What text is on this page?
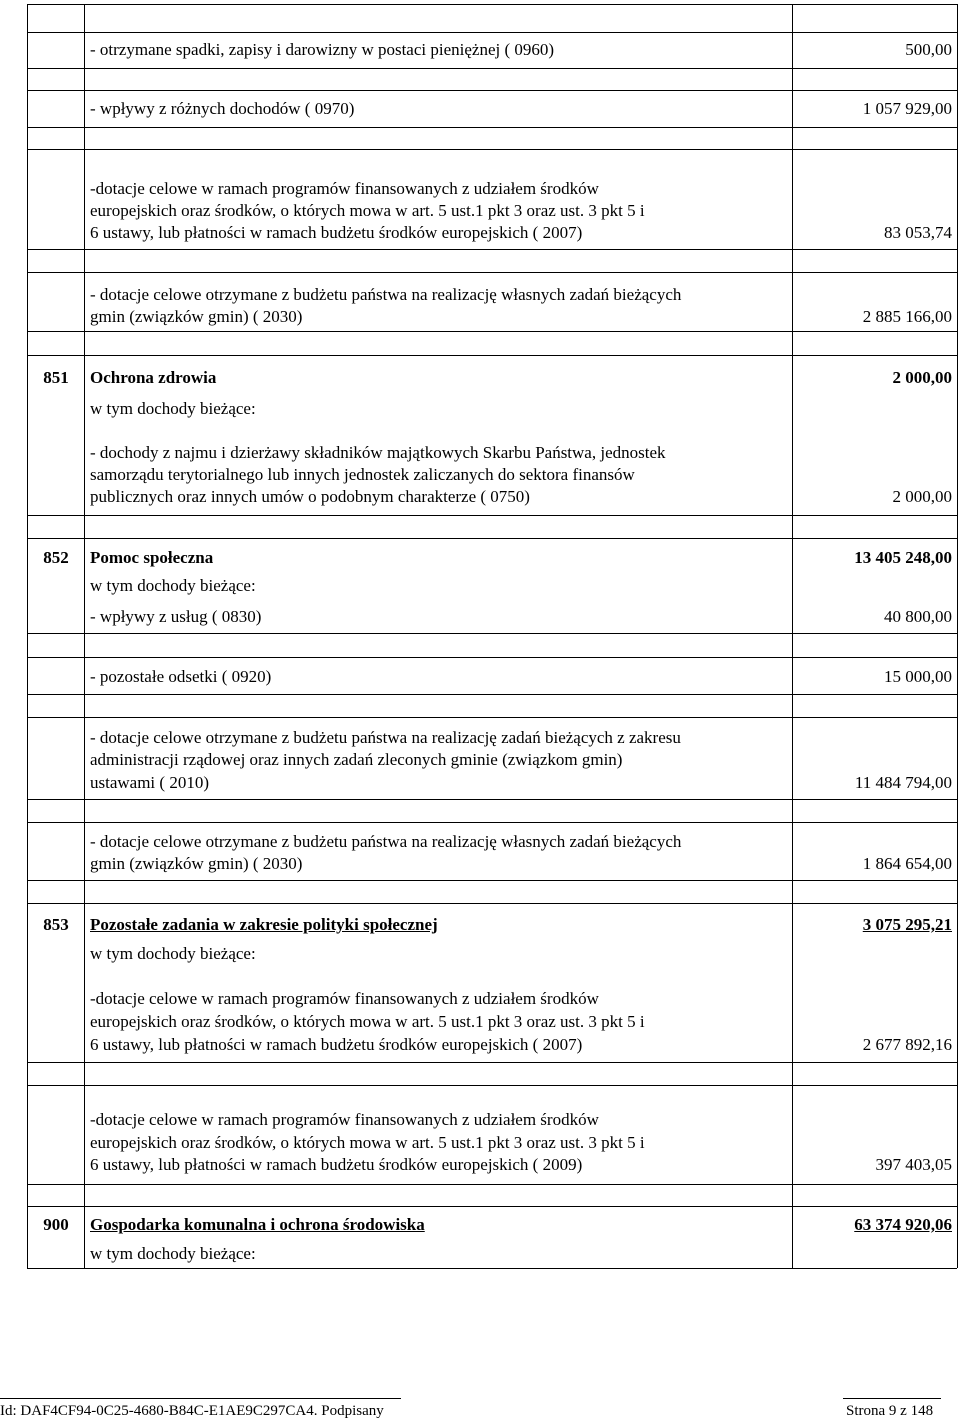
- otrzymane spadki, zapisy i darowizny w postaci pieniężnej ( 0960)	500,00
- wpływy z różnych dochodów ( 0970)	1 057 929,00
-dotacje celowe w ramach programów finansowanych z udziałem środków
europejskich oraz środków, o których mowa w art. 5 ust.1 pkt 3 oraz ust. 3 pkt 5 i
6 ustawy, lub płatności w ramach budżetu środków europejskich ( 2007)	83 053,74
- dotacje celowe otrzymane z budżetu państwa na realizację własnych zadań bieżących
gmin (związków gmin) ( 2030)	2 885 166,00
851	Ochrona zdrowia	2 000,00
w tym dochody bieżące:
- dochody z najmu i dzierżawy składników majątkowych Skarbu Państwa, jednostek
samorządu terytorialnego lub innych jednostek zaliczanych do sektora finansów
publicznych oraz innych umów o podobnym charakterze ( 0750)	2 000,00
852	Pomoc społeczna	13 405 248,00
w tym dochody bieżące:
- wpływy z usług ( 0830)	40 800,00
- pozostałe odsetki ( 0920)	15 000,00
- dotacje celowe otrzymane z budżetu państwa na realizację zadań bieżących z zakresu
administracji rządowej oraz innych zadań zleconych gminie (związkom gmin)
ustawami ( 2010)	11 484 794,00
- dotacje celowe otrzymane z budżetu państwa na realizację własnych zadań bieżących
gmin (związków gmin) ( 2030)	1 864 654,00
853	Pozostałe zadania w zakresie polityki społecznej	3 075 295,21
w tym dochody bieżące:
-dotacje celowe w ramach programów finansowanych z udziałem środków
europejskich oraz środków, o których mowa w art. 5 ust.1 pkt 3 oraz ust. 3 pkt 5 i
6 ustawy, lub płatności w ramach budżetu środków europejskich ( 2007)	2 677 892,16
-dotacje celowe w ramach programów finansowanych z udziałem środków
europejskich oraz środków, o których mowa w art. 5 ust.1 pkt 3 oraz ust. 3 pkt 5 i
6 ustawy, lub płatności w ramach budżetu środków europejskich ( 2009)	397 403,05
900	Gospodarka komunalna i ochrona środowiska	63 374 920,06
w tym dochody bieżące:
Id: DAF4CF94-0C25-4680-B84C-E1AE9C297CA4. Podpisany	Strona 9 z 148
